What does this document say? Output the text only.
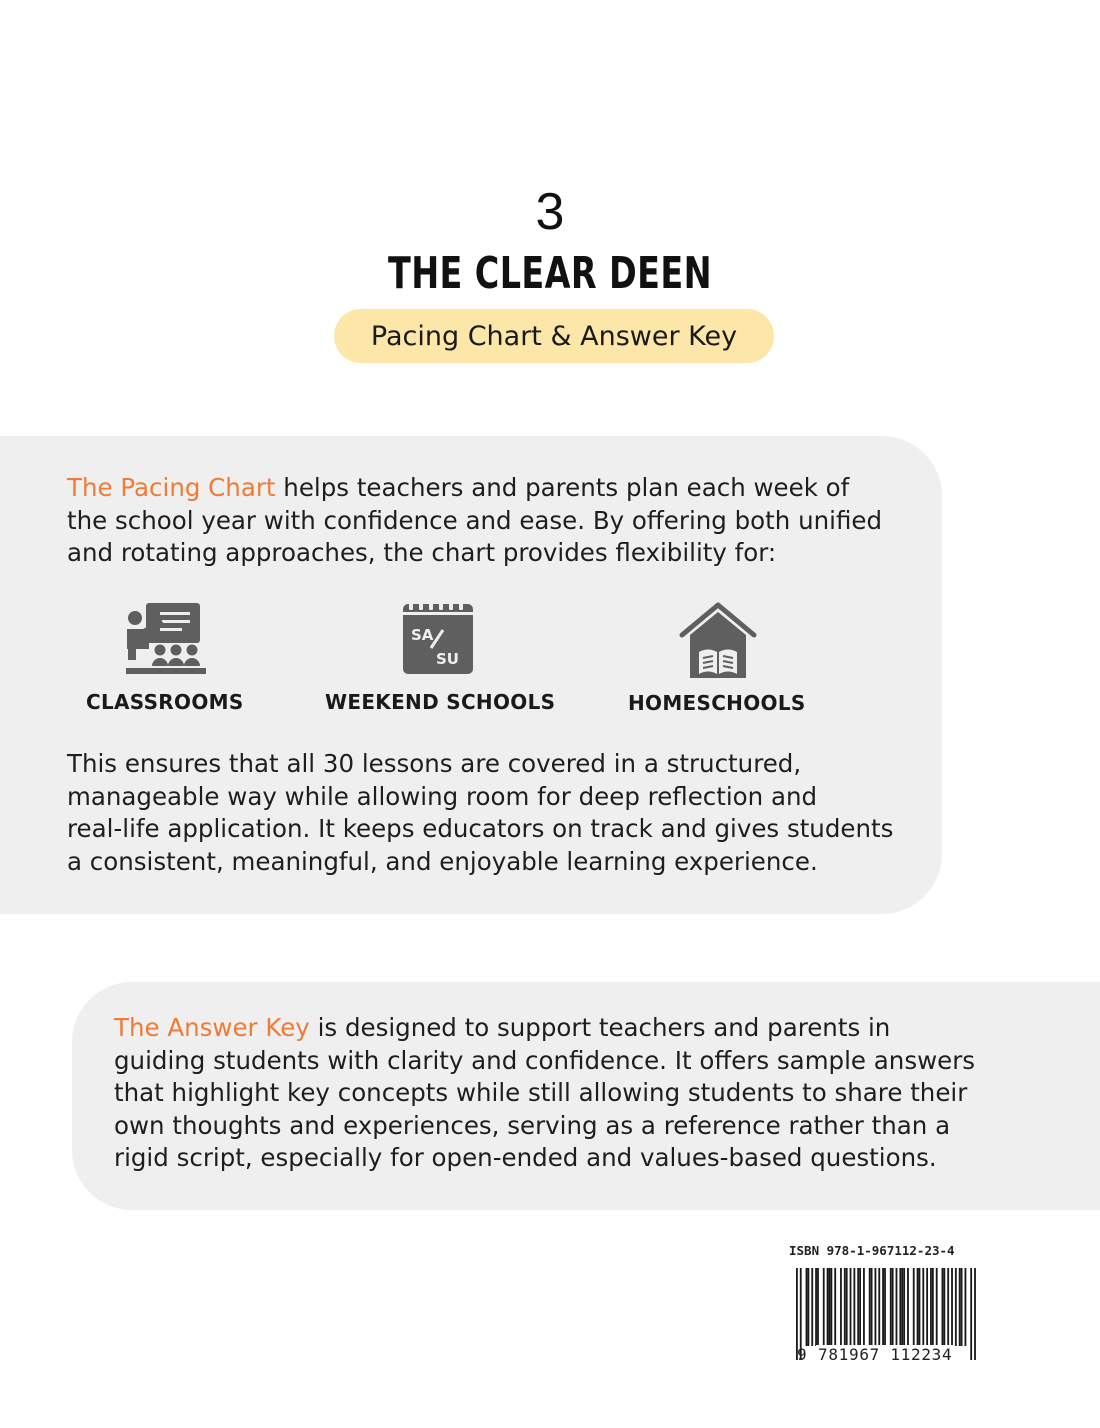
3
THE CLEAR DEEN
Pacing Chart & Answer Key

The Pacing Chart helps teachers and parents plan each week of
the school year with confidence and ease. By offering both unified
and rotating approaches, the chart provides flexibility for:

SA
SU
CLASSROOMS	WEEKEND SCHOOLS	HOMESCHOOLS

This ensures that all 30 lessons are covered in a structured,
manageable way while allowing room for deep reflection and
real-life application. It keeps educators on track and gives students
a consistent, meaningful, and enjoyable learning experience.

The Answer Key is designed to support teachers and parents in
guiding students with clarity and confidence. It offers sample answers
that highlight key concepts while still allowing students to share their
own thoughts and experiences, serving as a reference rather than a
rigid script, especially for open-ended and values-based questions.

ISBN 978-1-967112-23-4
9 781967 112234
